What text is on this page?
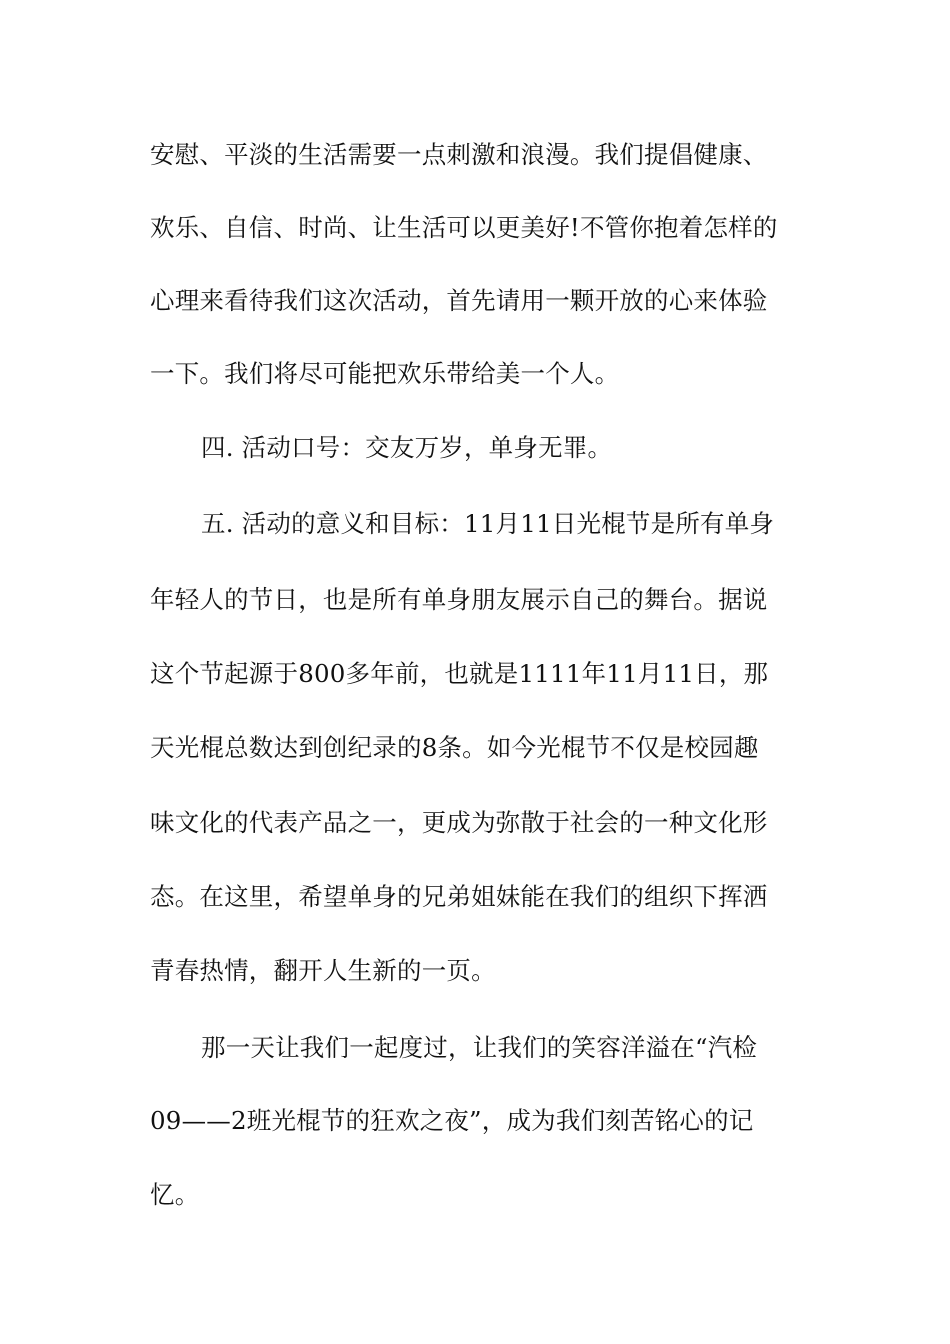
安慰、平淡的生活需要一点刺激和浪漫。我们提倡健康、
欢乐、自信、时尚、让生活可以更美好!不管你抱着怎样的
心理来看待我们这次活动，首先请用一颗开放的心来体验
一下。我们将尽可能把欢乐带给美一个人。
四. 活动口号：交友万岁，单身无罪。
五. 活动的意义和目标：11月11日光棍节是所有单身
年轻人的节日，也是所有单身朋友展示自己的舞台。据说
这个节起源于800多年前，也就是1111年11月11日，那
天光棍总数达到创纪录的8条。如今光棍节不仅是校园趣
味文化的代表产品之一，更成为弥散于社会的一种文化形
态。在这里，希望单身的兄弟姐妹能在我们的组织下挥洒
青春热情，翻开人生新的一页。
那一天让我们一起度过，让我们的笑容洋溢在“汽检
09——2班光棍节的狂欢之夜”，成为我们刻苦铭心的记
忆。
